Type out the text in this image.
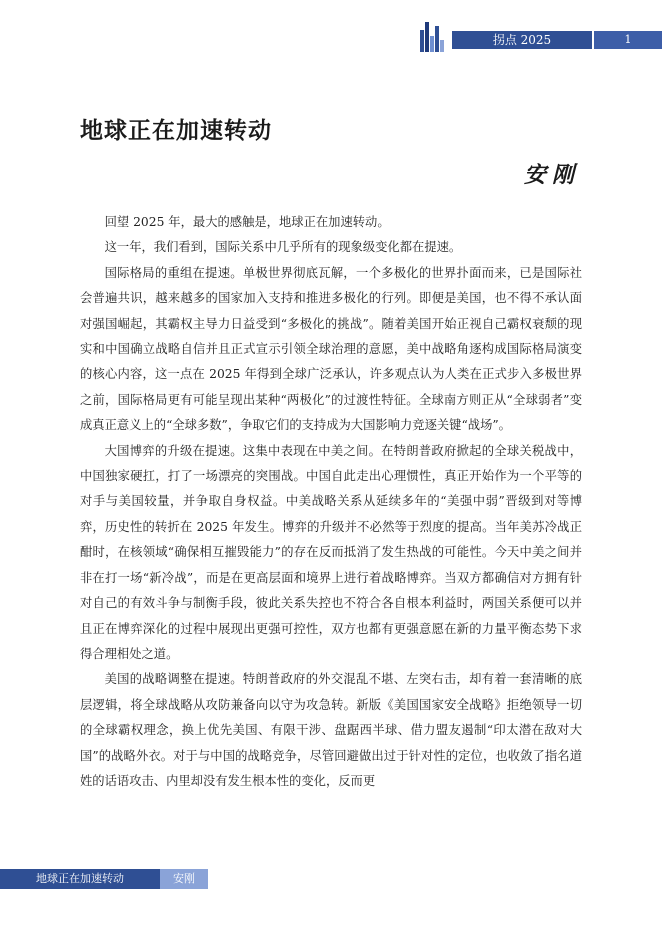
拐点 2025	1
地球正在加速转动
安刚

回望 2025 年，最大的感触是，地球正在加速转动。

这一年，我们看到，国际关系中几乎所有的现象级变化都在提速。

国际格局的重组在提速。单极世界彻底瓦解，一个多极化的世界扑面而来，已是国际社会普遍共识，越来越多的国家加入支持和推进多极化的行列。即便是美国，也不得不承认面对强国崛起，其霸权主导力日益受到“多极化的挑战”。随着美国开始正视自己霸权衰颓的现实和中国确立战略自信并且正式宣示引领全球治理的意愿，美中战略角逐构成国际格局演变的核心内容，这一点在 2025 年得到全球广泛承认，许多观点认为人类在正式步入多极世界之前，国际格局更有可能呈现出某种“两极化”的过渡性特征。全球南方则正从“全球弱者”变成真正意义上的“全球多数”，争取它们的支持成为大国影响力竞逐关键“战场”。

大国博弈的升级在提速。这集中表现在中美之间。在特朗普政府掀起的全球关税战中，中国独家硬扛，打了一场漂亮的突围战。中国自此走出心理惯性，真正开始作为一个平等的对手与美国较量，并争取自身权益。中美战略关系从延续多年的“美强中弱”晋级到对等博弈，历史性的转折在 2025 年发生。博弈的升级并不必然等于烈度的提高。当年美苏冷战正酣时，在核领域“确保相互摧毁能力”的存在反而抵消了发生热战的可能性。今天中美之间并非在打一场“新冷战”，而是在更高层面和境界上进行着战略博弈。当双方都确信对方拥有针对自己的有效斗争与制衡手段，彼此关系失控也不符合各自根本利益时，两国关系便可以并且正在博弈深化的过程中展现出更强可控性，双方也都有更强意愿在新的力量平衡态势下求得合理相处之道。

美国的战略调整在提速。特朗普政府的外交混乱不堪、左突右击，却有着一套清晰的底层逻辑，将全球战略从攻防兼备向以守为攻急转。新版《美国国家安全战略》拒绝领导一切的全球霸权理念，换上优先美国、有限干涉、盘踞西半球、借力盟友遏制“印太潜在敌对大国”的战略外衣。对于与中国的战略竞争，尽管回避做出过于针对性的定位，也收敛了指名道姓的话语攻击、内里却没有发生根本性的变化，反而更

地球正在加速转动	安刚
